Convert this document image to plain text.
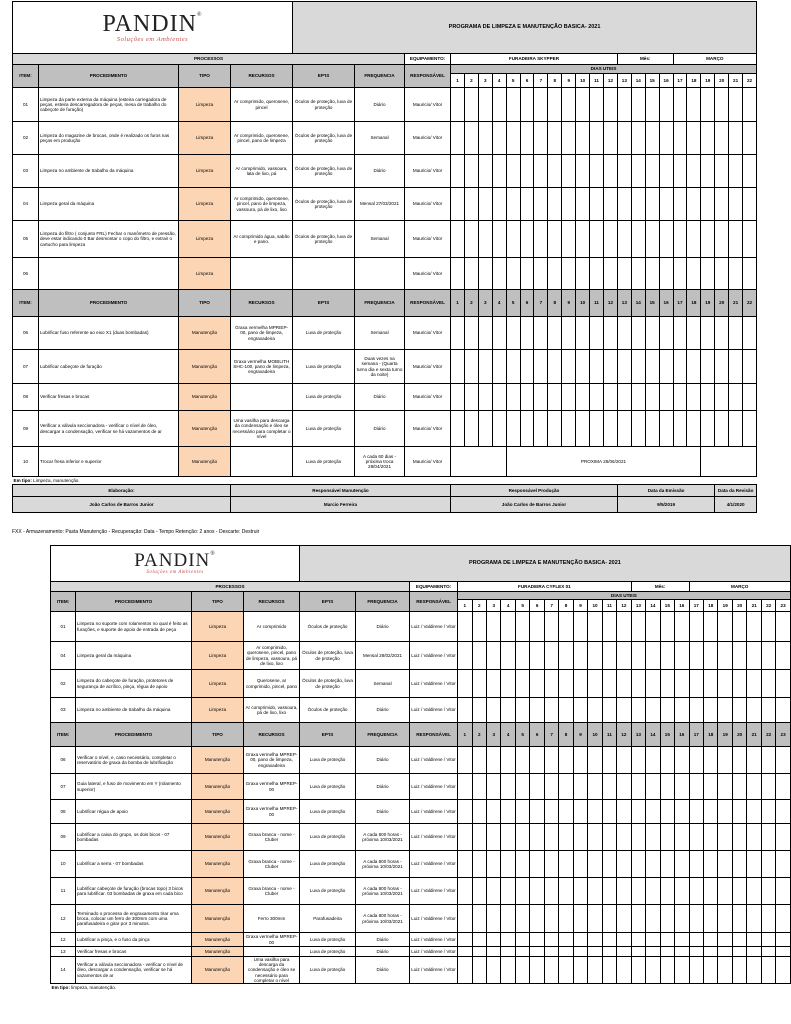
PANDIN®
Soluções em Ambientes				PROGRAMA DE LIMPEZA E MANUTENÇÃO BASICA- 2021																								
PROCESSOS						EQUIPAMENTO:	FURADEIRA SKYPPER												Mês:				MARÇO					
ITEM:	PROCEDIMENTO	TIPO	RECURSOS	EP'IS	FREQUENCIA	RESPONSÁVEL	DIAS UTEIS																					
							1	2	3	4	5	6	7	8	9	10	11	12	13	14	15	16	17	18	19	20	21	22
01	Limpeza da parte externa da máquina (esteira carregadora de peças, esteira descarregadora de peças, mesa de trabalho do cabeçote de furação)	Limpeza	Ar comprimido, querosene, pincel	Óculos de proteção, luva de proteção	Diário	Mauricio/ Vitor																						
02	Limpeza do magazine de brocas, onde é realizado os furos nas peças em produção	Limpeza	Ar comprimido, querosene, pincel, pano de limpeza	Óculos de proteção, luva de proteção	Semanal	Mauricio/ Vitor																						
03	Limpeza no ambiente de trabalho da máquina	Limpeza	Ar comprimido, vassoura, lata de lixo, pá	Óculos de proteção, luva de proteção	Diário	Mauricio/ Vitor																						
04	Limpeza geral da máquina	Limpeza	Ar comprimido, querosene, pincel, pano de limpeza, vassoura, pá de lixo, lixo	Óculos de proteção, luva de proteção	Mensal 27/03/2021	Mauricio/ Vitor																						
05	Limpeza do filtro ( conjunto FRL) Fechar o manômetro de pressão, deve estar indicando 0 Bar desmontar o copo do filtro, e extrair o cartucho para limpeza	Limpeza	Ar comprimido água, sabão e pano.	Óculos de proteção, luva de proteção	Semanal	Mauricio/ Vitor																						
06		Limpeza				Mauricio/ Vitor																						
ITEM:	PROCEDIMENTO	TIPO	RECURSOS	EP'IS	FREQUENCIA	RESPONSÁVEL	1	2	3	4	5	6	7	8	9	10	11	12	13	14	15	16	17	18	19	20	21	22
06	Lubrificar fuso referente ao eixo X1 (duas bombadas)	Manutenção	Graxa vermelha MPRIEP-00, pano de limpeza, engraxadeira	Luva de proteção	Semanal	Mauricio/ Vitor																						
07	Lubrificar cabeçote de furação	Manutenção	Graxa vermelha MOBILITH SHC-100, pano de limpeza, engraxadeira	Luva de proteção	Duas vezes na semana - (Quarta turno dia e sexta turno da noite)	Mauricio/ Vitor																						
08	Verificar fresas e brocas	Manutenção		Luva de proteção	Diário	Mauricio/ Vitor																						
09	Verificar a válvula seccionadora - verificar o nível de óleo, descargar a condensação, verificar se há vazamentos de ar	Manutenção	Uma vasilha para descarga da condensação e óleo se necessário para completar o nível	Luva de proteção	Diário	Mauricio/ Vitor																						
10	Trocar fresa inferior e superior	Manutenção		Luva de proteção	A cada 60 dias - próxima troca 28/04/2021	Mauricio/ Vitor					PROXIMA 28/06/2021																	
Em tipo: Limpeza, manutenção.																												
Elaboração:			Responsável Manutenção				Responsável Produção												Data da Emissão							Data da Revisão		
João Carlos de Barros Junior			Marcio Ferreira				João Carlos de Barros Junior												9/5/2019							4/1/2020		
FXX - Armazenamento: Pasta Manutenção - Recuperação: Data - Tempo Retenção: 2 anos - Descarte: Destruir
PANDIN®
Soluções em Ambientes				PROGRAMA DE LIMPEZA E MANUTENÇÃO BASICA- 2021																									
PROCESSOS						EQUIPAMENTO:	FURADEIRA CYFLEX 01												Mês:				MARÇO						
ITEM:	PROCEDIMENTO	TIPO	RECURSOS	EP'IS	FREQUENCIA	RESPONSÁVEL	DIAS UTEIS																						
							1	2	3	4	5	6	7	8	9	10	11	12	13	14	15	16	17	18	19	20	21	22	23
01	Limpeza no suporte com rolamentos no qual é feito as furações, e suporte de apoio de entrada de peça	Limpeza	Ar comprimido	Óculos de proteção	Diário	Luiz / Valdirene / Vitor																							
04	Limpeza geral da máquina	Limpeza	Ar comprimido, querosene, pincel, pano de limpeza, vassoura, pá de lixo, lixo	Óculos de proteção, luva de proteção	Mensal 28/02/2021	Luiz / Valdirene / Vitor																							
02	Limpeza do cabeçote de furação, protetores de segurança de acrílico, pinça, régua de apoio	Limpeza	Querosene, ar comprimido, pincel, pano	Óculos de proteção, luva de proteção	Semanal	Luiz / Valdirene / Vitor																							
03	Limpeza no ambiente de trabalho da máquina	Limpeza	Ar comprimido, vassoura, pá de lixo, lixo	Óculos de proteção	Diário	Luiz / Valdirene / Vitor																							
ITEM:	PROCEDIMENTO	TIPO	RECURSOS	EP'IS	FREQUENCIA	RESPONSÁVEL	1	2	3	4	5	6	7	8	9	10	11	12	13	14	15	16	17	18	19	20	21	22	23
06	Verificar o nível, e, caso necessário, completar o reservatório de graxa da bomba de lubrificação	Manutenção	Graxa vermelha MPREP-00, pano de limpeza, engraxadeira	Luva de proteção	Diário	Luiz / Valdirene / Vitor																							
07	Guia lateral, e fuso de movimento em Y (rolamento superior)	Manutenção	Graxa vermelha MPREP-00	Luva de proteção	Diário	Luiz / Valdirene / Vitor																							
08	Lubrificar régua de apoio	Manutenção	Graxa vermelha MPREP-00	Luva de proteção	Diário	Luiz / Valdirene / Vitor																							
09	Lubrificar a caixa do grupo, os dois bicos - 07 bombadas	Manutenção	Graxa branca - nome - Cluber	Luva de proteção	A cada 800 horas - próxima 10/03/2021	Luiz / Valdirene / Vitor																							
10	Lubrificar a serra - 07 bombadas	Manutenção	Graxa branca - nome - Cluber	Luva de proteção	A cada 800 horas - próxima 10/03/2021	Luiz / Valdirene / Vitor																							
11	Lubrificar cabeçote de furação (brocas topo) 3 bicos para lubrificar. 03 bombadas de graxa em cada bico	Manutenção	Graxa branca - nome - Cluber	Luva de proteção	A cada 800 horas - próxima 10/03/2021	Luiz / Valdirene / Vitor																							
12	Terminado o processo de engraxamento tirar uma broca, colocar um ferro de 300mm com uma parafusadeira e girar por 3 minutos.	Manutenção	Ferro 300mm	Parafusadeira	A cada 800 horas - próxima 10/03/2021	Luiz / Valdirene / Vitor																							
12	Lubrificar a pinça, e o fuso da pinça	Manutenção	Graxa vermelha MPREP-00	Luva de proteção	Diário	Luiz / Valdirene / Vitor																							
13	Verificar fresas e brocas	Manutenção		Luva de proteção	Diário	Luiz / Valdirene / Vitor																							
14	Verificar a válvula seccionadora - verificar o nível de óleo, descargar a condensação, verificar se há vazamentos de ar	Manutenção	Uma vasilha para descarga da condensação e óleo se necessário para completar o nível	Luva de proteção	Diário	Luiz / Valdirene / Vitor																							
Em tipo: limpeza, manutenção.																													
